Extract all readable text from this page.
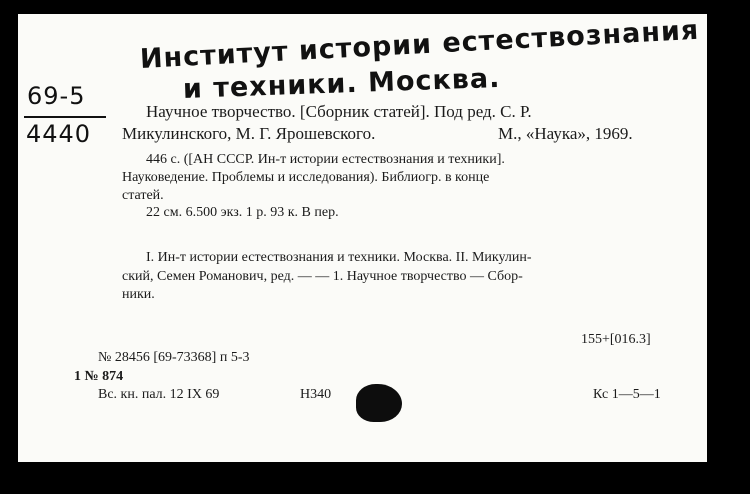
Институт истории естествознания
и техники. Москва.
69-5
4440
Научное творчество. [Сборник статей]. Под ред. С. Р.
Микулинского, М. Г. Ярошевского.	М., «Наука», 1969.
446 с. ([АН СССР. Ин-т истории естествознания и техники].
Науковедение. Проблемы и исследования). Библиогр. в конце
статей.
22 см. 6.500 экз. 1 р. 93 к. В пер.
I. Ин-т истории естествознания и техники. Москва. II. Микулин-
ский, Семен Романович, ред. — — 1. Научное творчество — Сбор-
ники.
155+[016.3]
№ 28456 [69-73368] п 5-3
1 № 874
Вс. кн. пал. 12 IX 69	Н340	Кс 1—5—1
